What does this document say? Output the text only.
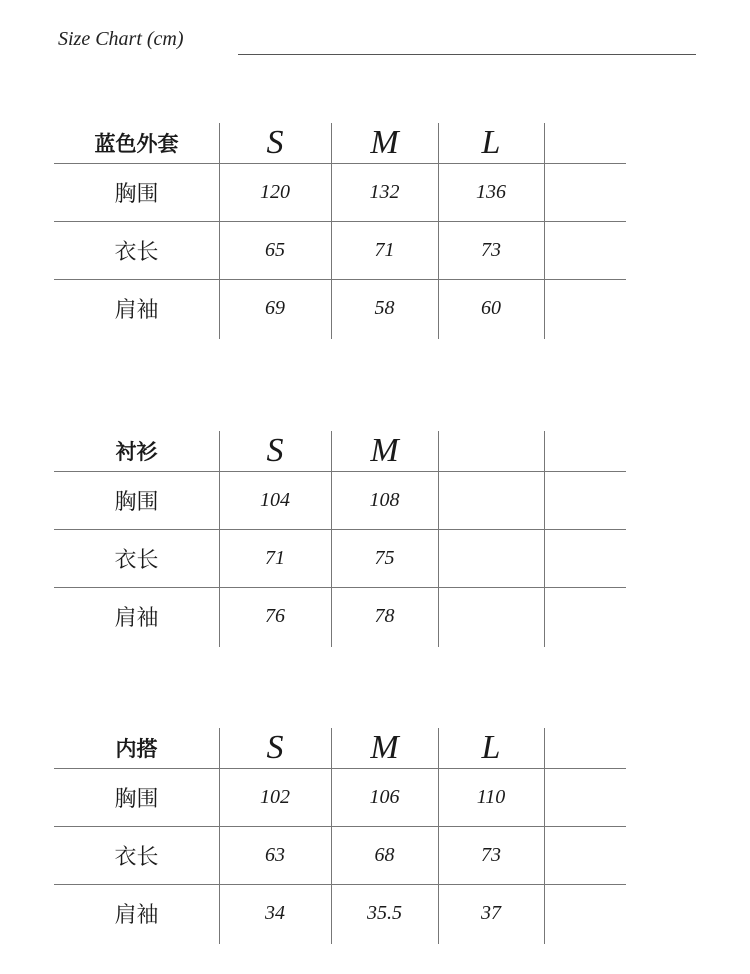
Size Chart (cm)
蓝色外套	S	M	L
胸围	120	132	136
衣长	65	71	73
肩袖	69	58	60
衬衫	S	M
胸围	104	108
衣长	71	75
肩袖	76	78
内搭	S	M	L
胸围	102	106	110
衣长	63	68	73
肩袖	34	35.5	37
